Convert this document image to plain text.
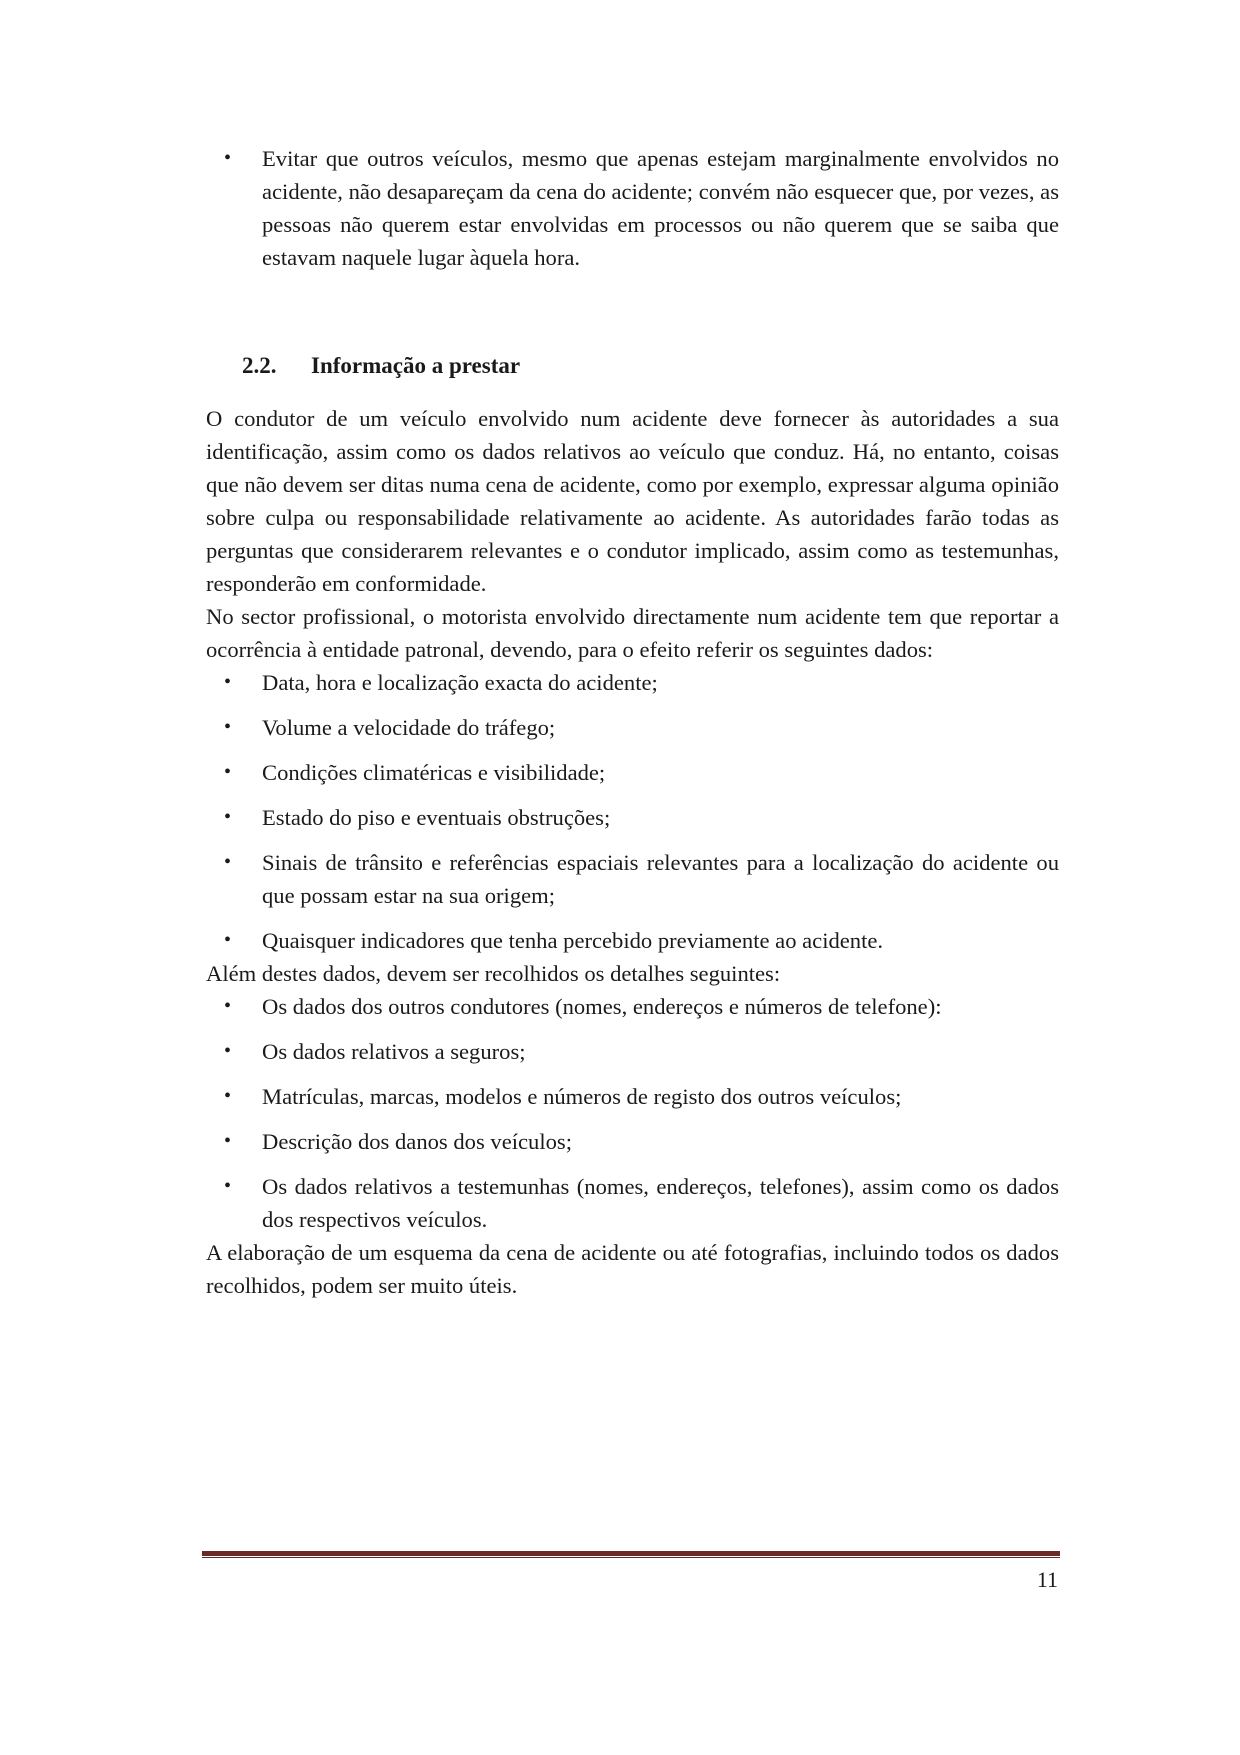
• Evitar que outros veículos, mesmo que apenas estejam marginalmente envolvidos no acidente, não desapareçam da cena do acidente; convém não esquecer que, por vezes, as pessoas não querem estar envolvidas em processos ou não querem que se saiba que estavam naquele lugar àquela hora.
2.2. Informação a prestar

O condutor de um veículo envolvido num acidente deve fornecer às autoridades a sua identificação, assim como os dados relativos ao veículo que conduz. Há, no entanto, coisas que não devem ser ditas numa cena de acidente, como por exemplo, expressar alguma opinião sobre culpa ou responsabilidade relativamente ao acidente. As autoridades farão todas as perguntas que considerarem relevantes e o condutor implicado, assim como as testemunhas, responderão em conformidade.

No sector profissional, o motorista envolvido directamente num acidente tem que reportar a ocorrência à entidade patronal, devendo, para o efeito referir os seguintes dados:

• Data, hora e localização exacta do acidente;
• Volume a velocidade do tráfego;
• Condições climatéricas e visibilidade;
• Estado do piso e eventuais obstruções;
• Sinais de trânsito e referências espaciais relevantes para a localização do acidente ou que possam estar na sua origem;
• Quaisquer indicadores que tenha percebido previamente ao acidente.

Além destes dados, devem ser recolhidos os detalhes seguintes:

• Os dados dos outros condutores (nomes, endereços e números de telefone):
• Os dados relativos a seguros;
• Matrículas, marcas, modelos e números de registo dos outros veículos;
• Descrição dos danos dos veículos;
• Os dados relativos a testemunhas (nomes, endereços, telefones), assim como os dados dos respectivos veículos.

A elaboração de um esquema da cena de acidente ou até fotografias, incluindo todos os dados recolhidos, podem ser muito úteis.

11
